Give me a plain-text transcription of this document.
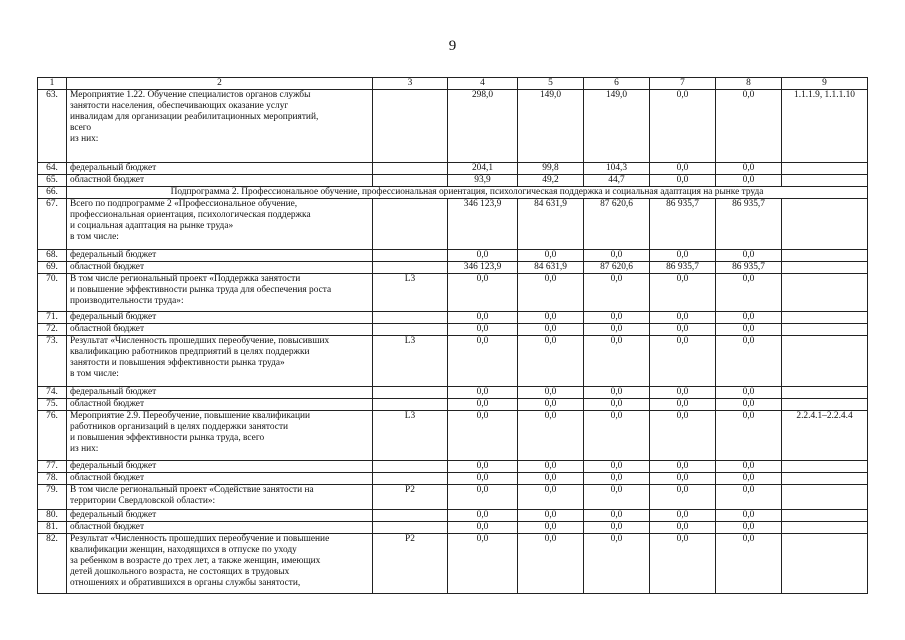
9
1	2	3	4	5	6	7	8	9
63.	Мероприятие 1.22. Обучение специалистов органов службы
занятости населения, обеспечивающих оказание услуг
инвалидам для организации реабилитационных мероприятий,
всего
из них:		298,0	149,0	149,0	0,0	0,0	1.1.1.9, 1.1.1.10
64.	федеральный бюджет		204,1	99,8	104,3	0,0	0,0	
65.	областной бюджет		93,9	49,2	44,7	0,0	0,0	
66.	Подпрограмма 2. Профессиональное обучение, профессиональная ориентация, психологическая поддержка и социальная адаптация на рынке труда							
67.	Всего по подпрограмме 2 «Профессиональное обучение,
профессиональная ориентация, психологическая поддержка
и социальная адаптация на рынке труда»
в том числе:		346 123,9	84 631,9	87 620,6	86 935,7	86 935,7	
68.	федеральный бюджет		0,0	0,0	0,0	0,0	0,0	
69.	областной бюджет		346 123,9	84 631,9	87 620,6	86 935,7	86 935,7	
70.	В том числе региональный проект «Поддержка занятости
и повышение эффективности рынка труда для обеспечения роста
производительности труда»:	L3	0,0	0,0	0,0	0,0	0,0	
71.	федеральный бюджет		0,0	0,0	0,0	0,0	0,0	
72.	областной бюджет		0,0	0,0	0,0	0,0	0,0	
73.	Результат «Численность прошедших переобучение, повысивших
квалификацию работников предприятий в целях поддержки
занятости и повышения эффективности рынка труда»
в том числе:	L3	0,0	0,0	0,0	0,0	0,0	
74.	федеральный бюджет		0,0	0,0	0,0	0,0	0,0	
75.	областной бюджет		0,0	0,0	0,0	0,0	0,0	
76.	Мероприятие 2.9. Переобучение, повышение квалификации
работников организаций в целях поддержки занятости
и повышения эффективности рынка труда, всего
из них:	L3	0,0	0,0	0,0	0,0	0,0	2.2.4.1–2.2.4.4
77.	федеральный бюджет		0,0	0,0	0,0	0,0	0,0	
78.	областной бюджет		0,0	0,0	0,0	0,0	0,0	
79.	В том числе региональный проект «Содействие занятости на
территории Свердловской области»:	P2	0,0	0,0	0,0	0,0	0,0	
80.	федеральный бюджет		0,0	0,0	0,0	0,0	0,0	
81.	областной бюджет		0,0	0,0	0,0	0,0	0,0	
82.	Результат «Численность прошедших переобучение и повышение
квалификации женщин, находящихся в отпуске по уходу
за ребенком в возрасте до трех лет, а также женщин, имеющих
детей дошкольного возраста, не состоящих в трудовых
отношениях и обратившихся в органы службы занятости,	P2	0,0	0,0	0,0	0,0	0,0	
